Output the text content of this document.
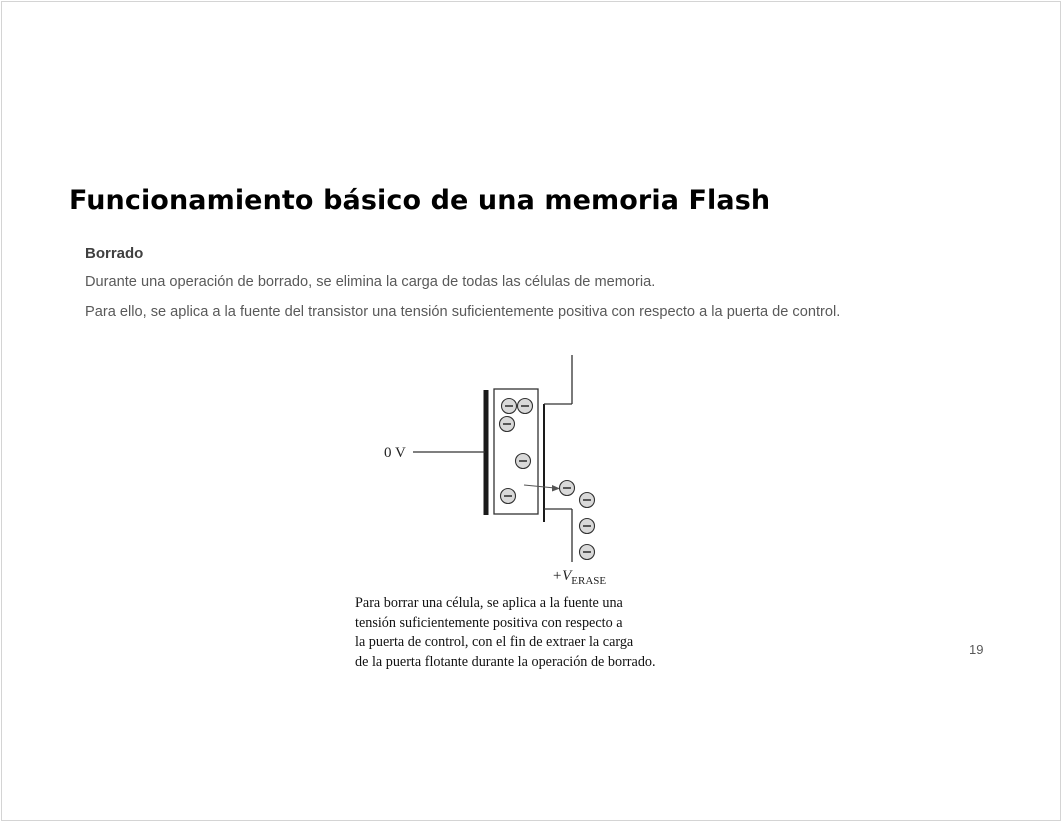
Funcionamiento básico de una memoria Flash
Borrado

Durante una operación de borrado, se elimina la carga de todas las células de memoria.

Para ello, se aplica a la fuente del transistor una tensión suficientemente positiva con respecto a la puerta de control.

0 V
$+V_{ERASE}$
Para borrar una célula, se aplica a la fuente una
tensión suficientemente positiva con respecto a
la puerta de control, con el fin de extraer la carga
de la puerta flotante durante la operación de borrado.
19
